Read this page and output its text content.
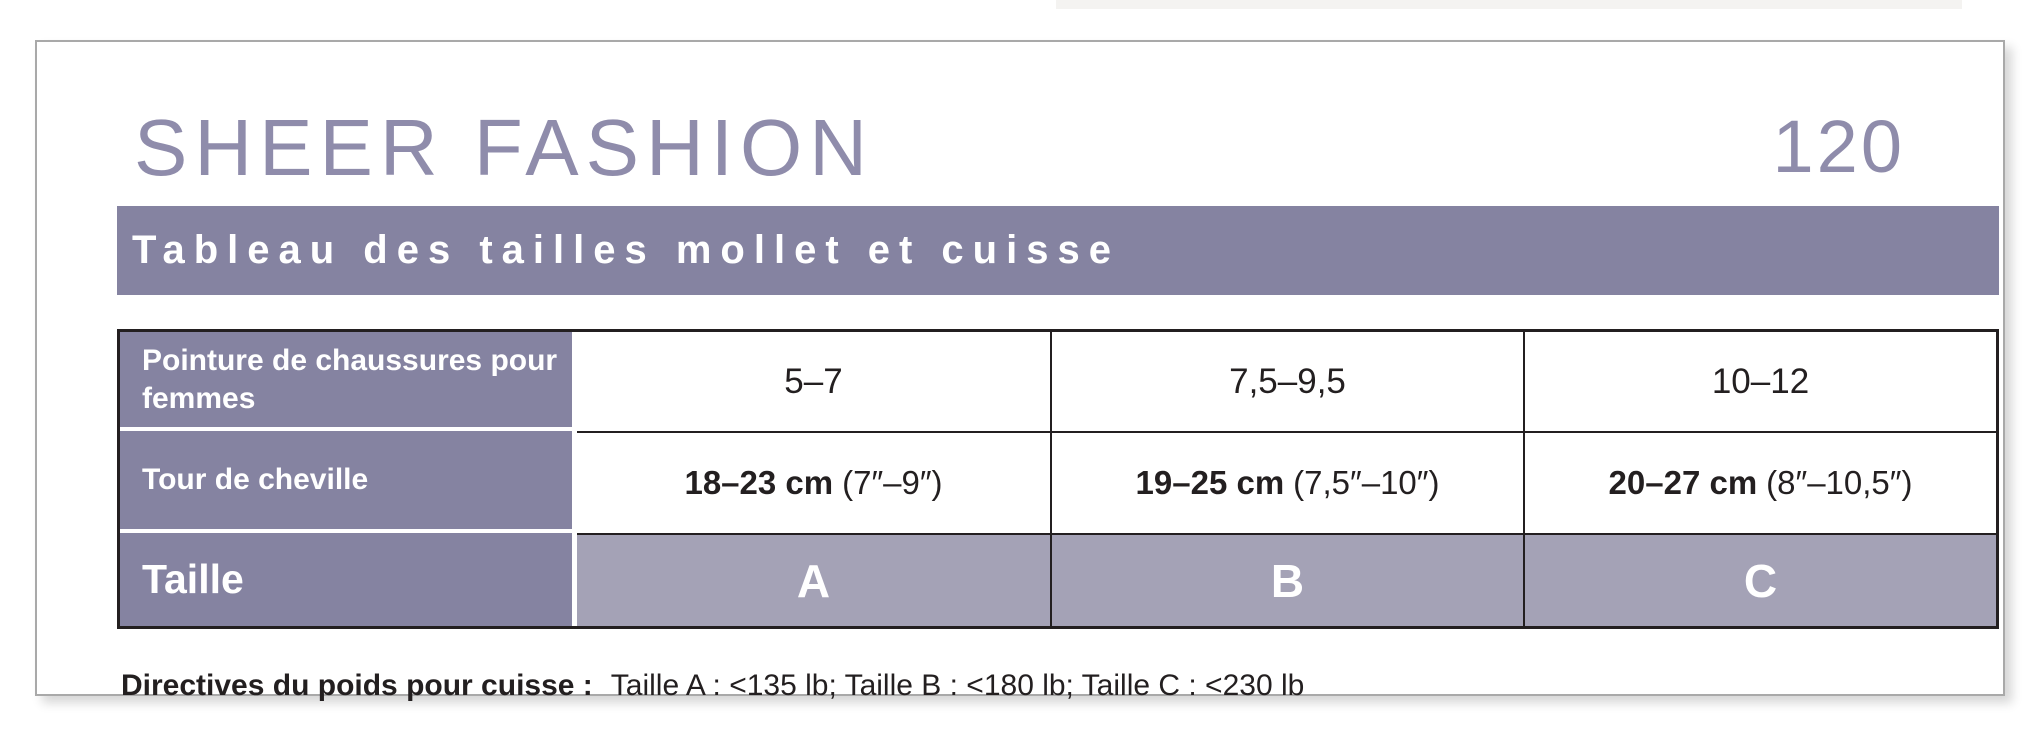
SHEER FASHION	120
Tableau des tailles mollet et cuisse
Pointure de chaussures pour femmes	5–7	7,5–9,5	10–12
Tour de cheville	18–23 cm (7″–9″)	19–25 cm (7,5″–10″)	20–27 cm (8″–10,5″)
Taille	A	B	C
Directives du poids pour cuisse : Taille A : <135 lb; Taille B : <180 lb; Taille C : <230 lb
